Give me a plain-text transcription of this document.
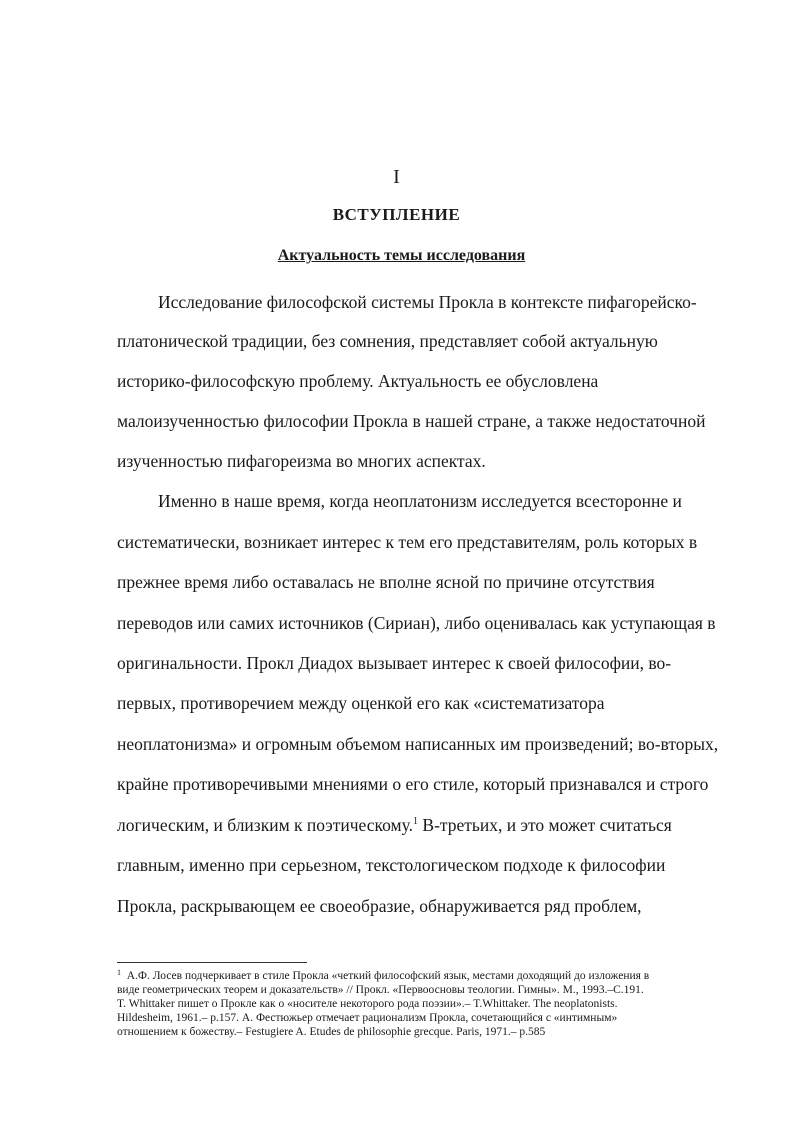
I
ВСТУПЛЕНИЕ
Актуальность темы исследования
Исследование философской системы Прокла в контексте пифагорейско-
платонической традиции, без сомнения, представляет собой актуальную
историко-философскую проблему. Актуальность ее обусловлена
малоизученностью философии Прокла в нашей стране, а также недостаточной
изученностью пифагореизма во многих аспектах.
Именно в наше время, когда неоплатонизм исследуется всесторонне и
систематически, возникает интерес к тем его представителям, роль которых в
прежнее время либо оставалась не вполне ясной по причине отсутствия
переводов или самих источников (Сириан), либо оценивалась как уступающая в
оригинальности. Прокл Диадох вызывает интерес к своей философии, во-
первых, противоречием между оценкой его как «систематизатора
неоплатонизма» и огромным объемом написанных им произведений; во-вторых,
крайне противоречивыми мнениями о его стиле, который признавался и строго
логическим, и близким к поэтическому.$^1$ В-третьих, и это может считаться
главным, именно при серьезном, текстологическом подходе к философии
Прокла, раскрывающем ее своеобразие, обнаруживается ряд проблем,
$^1$ А.Ф. Лосев подчеркивает в стиле Прокла «четкий философский язык, местами доходящий до изложения в
виде геометрических теорем и доказательств» // Прокл. «Первоосновы теологии. Гимны». М., 1993.–С.191.
T. Whittaker пишет о Прокле как о «носителе некоторого рода поэзии».– T.Whittaker. The neoplatonists.
Hildesheim, 1961.– p.157. А. Фестюжьер отмечает рационализм Прокла, сочетающийся с «интимным»
отношением к божеству.– Festugiere A. Etudes de philosophie grecque. Paris, 1971.– p.585
